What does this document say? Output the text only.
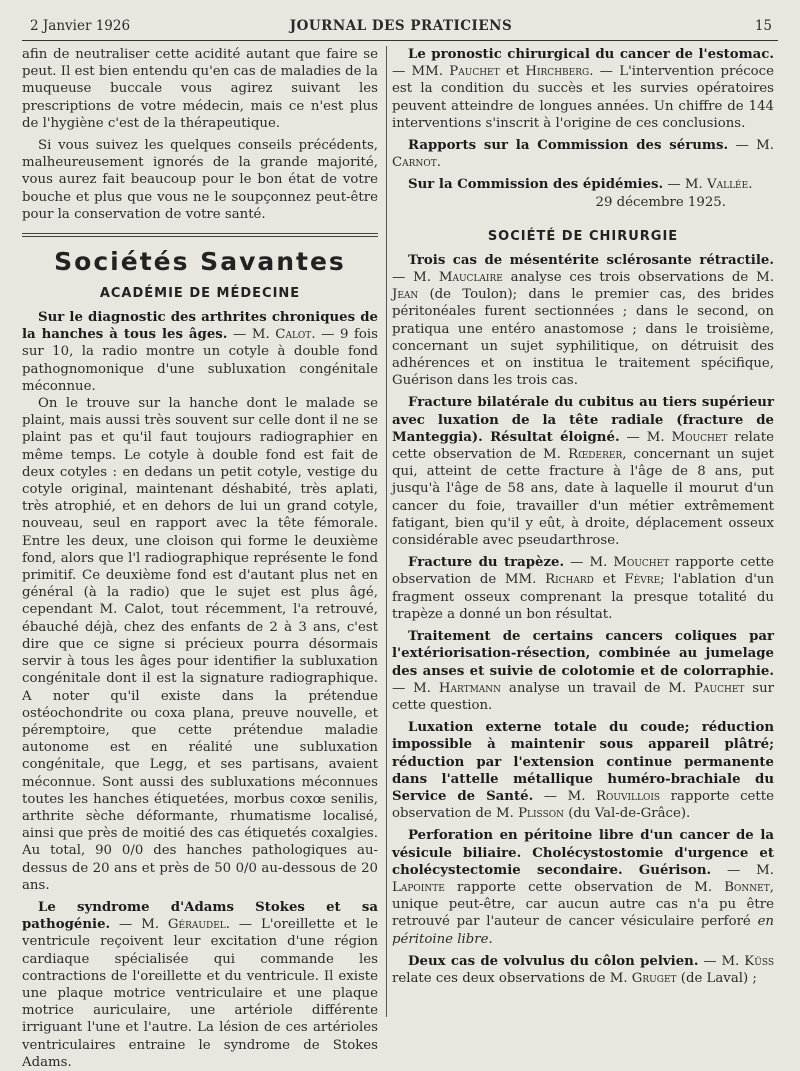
2 Janvier 1926	JOURNAL DES PRATICIENS	15

afin de neutraliser cette acidité autant que faire se peut. Il est bien entendu qu'en cas de maladies de la muqueuse buccale vous agirez suivant les prescriptions de votre médecin, mais ce n'est plus de l'hygiène c'est de la thérapeutique.

Si vous suivez les quelques conseils précédents, malheureusement ignorés de la grande majorité, vous aurez fait beaucoup pour le bon état de votre bouche et plus que vous ne le soupçonnez peut-être pour la conservation de votre santé.

Sociétés Savantes
ACADÉMIE DE MÉDECINE

Sur le diagnostic des arthrites chroniques de la hanches à tous les âges. — M. Calot. — 9 fois sur 10, la radio montre un cotyle à double fond pathognomonique d'une subluxation congénitale méconnue.

On le trouve sur la hanche dont le malade se plaint, mais aussi très souvent sur celle dont il ne se plaint pas et qu'il faut toujours radiographier en même temps. Le cotyle à double fond est fait de deux cotyles : en dedans un petit cotyle, vestige du cotyle original, maintenant déshabité, très aplati, très atrophié, et en dehors de lui un grand cotyle, nouveau, seul en rapport avec la tête fémorale. Entre les deux, une cloison qui forme le deuxième fond, alors que l'l radiographique représente le fond primitif. Ce deuxième fond est d'autant plus net en général (à la radio) que le sujet est plus âgé, cependant M. Calot, tout récemment, l'a retrouvé, ébauché déjà, chez des enfants de 2 à 3 ans, c'est dire que ce signe si précieux pourra désormais servir à tous les âges pour identifier la subluxation congénitale dont il est la signature radiographique. A noter qu'il existe dans la prétendue ostéochondrite ou coxa plana, preuve nouvelle, et péremptoire, que cette prétendue maladie autonome est en réalité une subluxation congénitale, que Legg, et ses partisans, avaient méconnue. Sont aussi des subluxations méconnues toutes les hanches étiquetées, morbus coxœ senilis, arthrite sèche déformante, rhumatisme localisé, ainsi que près de moitié des cas étiquetés coxalgies. Au total, 90 0/0 des hanches pathologiques au-dessus de 20 ans et près de 50 0/0 au-dessous de 20 ans.

Le syndrome d'Adams Stokes et sa pathogénie. — M. Géraudel. — L'oreillette et le ventricule reçoivent leur excitation d'une région cardiaque spécialisée qui commande les contractions de l'oreillette et du ventricule. Il existe une plaque motrice ventriculaire et une plaque motrice auriculaire, une artériole différente irriguant l'une et l'autre. La lésion de ces artérioles ventriculaires entraine le syndrome de Stokes Adams.

Le pronostic chirurgical du cancer de l'estomac. — MM. Pauchet et Hirchberg. — L'intervention précoce est la condition du succès et les survies opératoires peuvent atteindre de longues années. Un chiffre de 144 interventions s'inscrit à l'origine de ces conclusions.

Rapports sur la Commission des sérums. — M. Carnot.

Sur la Commission des épidémies. — M. Vallée.

29 décembre 1925.

SOCIÉTÉ DE CHIRURGIE

Trois cas de mésentérite sclérosante rétractile. — M. Mauclaire analyse ces trois observations de M. Jean (de Toulon); dans le premier cas, des brides péritonéales furent sectionnées ; dans le second, on pratiqua une entéro anastomose ; dans le troisième, concernant un sujet syphilitique, on détruisit des adhérences et on institua le traitement spécifique, Guérison dans les trois cas.

Fracture bilatérale du cubitus au tiers supérieur avec luxation de la tête radiale (fracture de Manteggia). Résultat éloigné. — M. Mouchet relate cette observation de M. Rœderer, concernant un sujet qui, atteint de cette fracture à l'âge de 8 ans, put jusqu'à l'âge de 58 ans, date à laquelle il mourut d'un cancer du foie, travailler d'un métier extrêmement fatigant, bien qu'il y eût, à droite, déplacement osseux considérable avec pseudarthrose.

Fracture du trapèze. — M. Mouchet rapporte cette observation de MM. Richard et Fèvre; l'ablation d'un fragment osseux comprenant la presque totalité du trapèze a donné un bon résultat.

Traitement de certains cancers coliques par l'extériorisation-résection, combinée au jumelage des anses et suivie de colotomie et de colorraphie. — M. Hartmann analyse un travail de M. Pauchet sur cette question.

Luxation externe totale du coude; réduction impossible à maintenir sous appareil plâtré; réduction par l'extension continue permanente dans l'attelle métallique huméro-brachiale du Service de Santé. — M. Rouvillois rapporte cette observation de M. Plisson (du Val-de-Grâce).

Perforation en péritoine libre d'un cancer de la vésicule biliaire. Cholécystostomie d'urgence et cholécystectomie secondaire. Guérison. — M. Lapointe rapporte cette observation de M. Bonnet, unique peut-être, car aucun autre cas n'a pu être retrouvé par l'auteur de cancer vésiculaire perforé en péritoine libre.

Deux cas de volvulus du côlon pelvien. — M. Küss relate ces deux observations de M. Gruget (de Laval) ;
